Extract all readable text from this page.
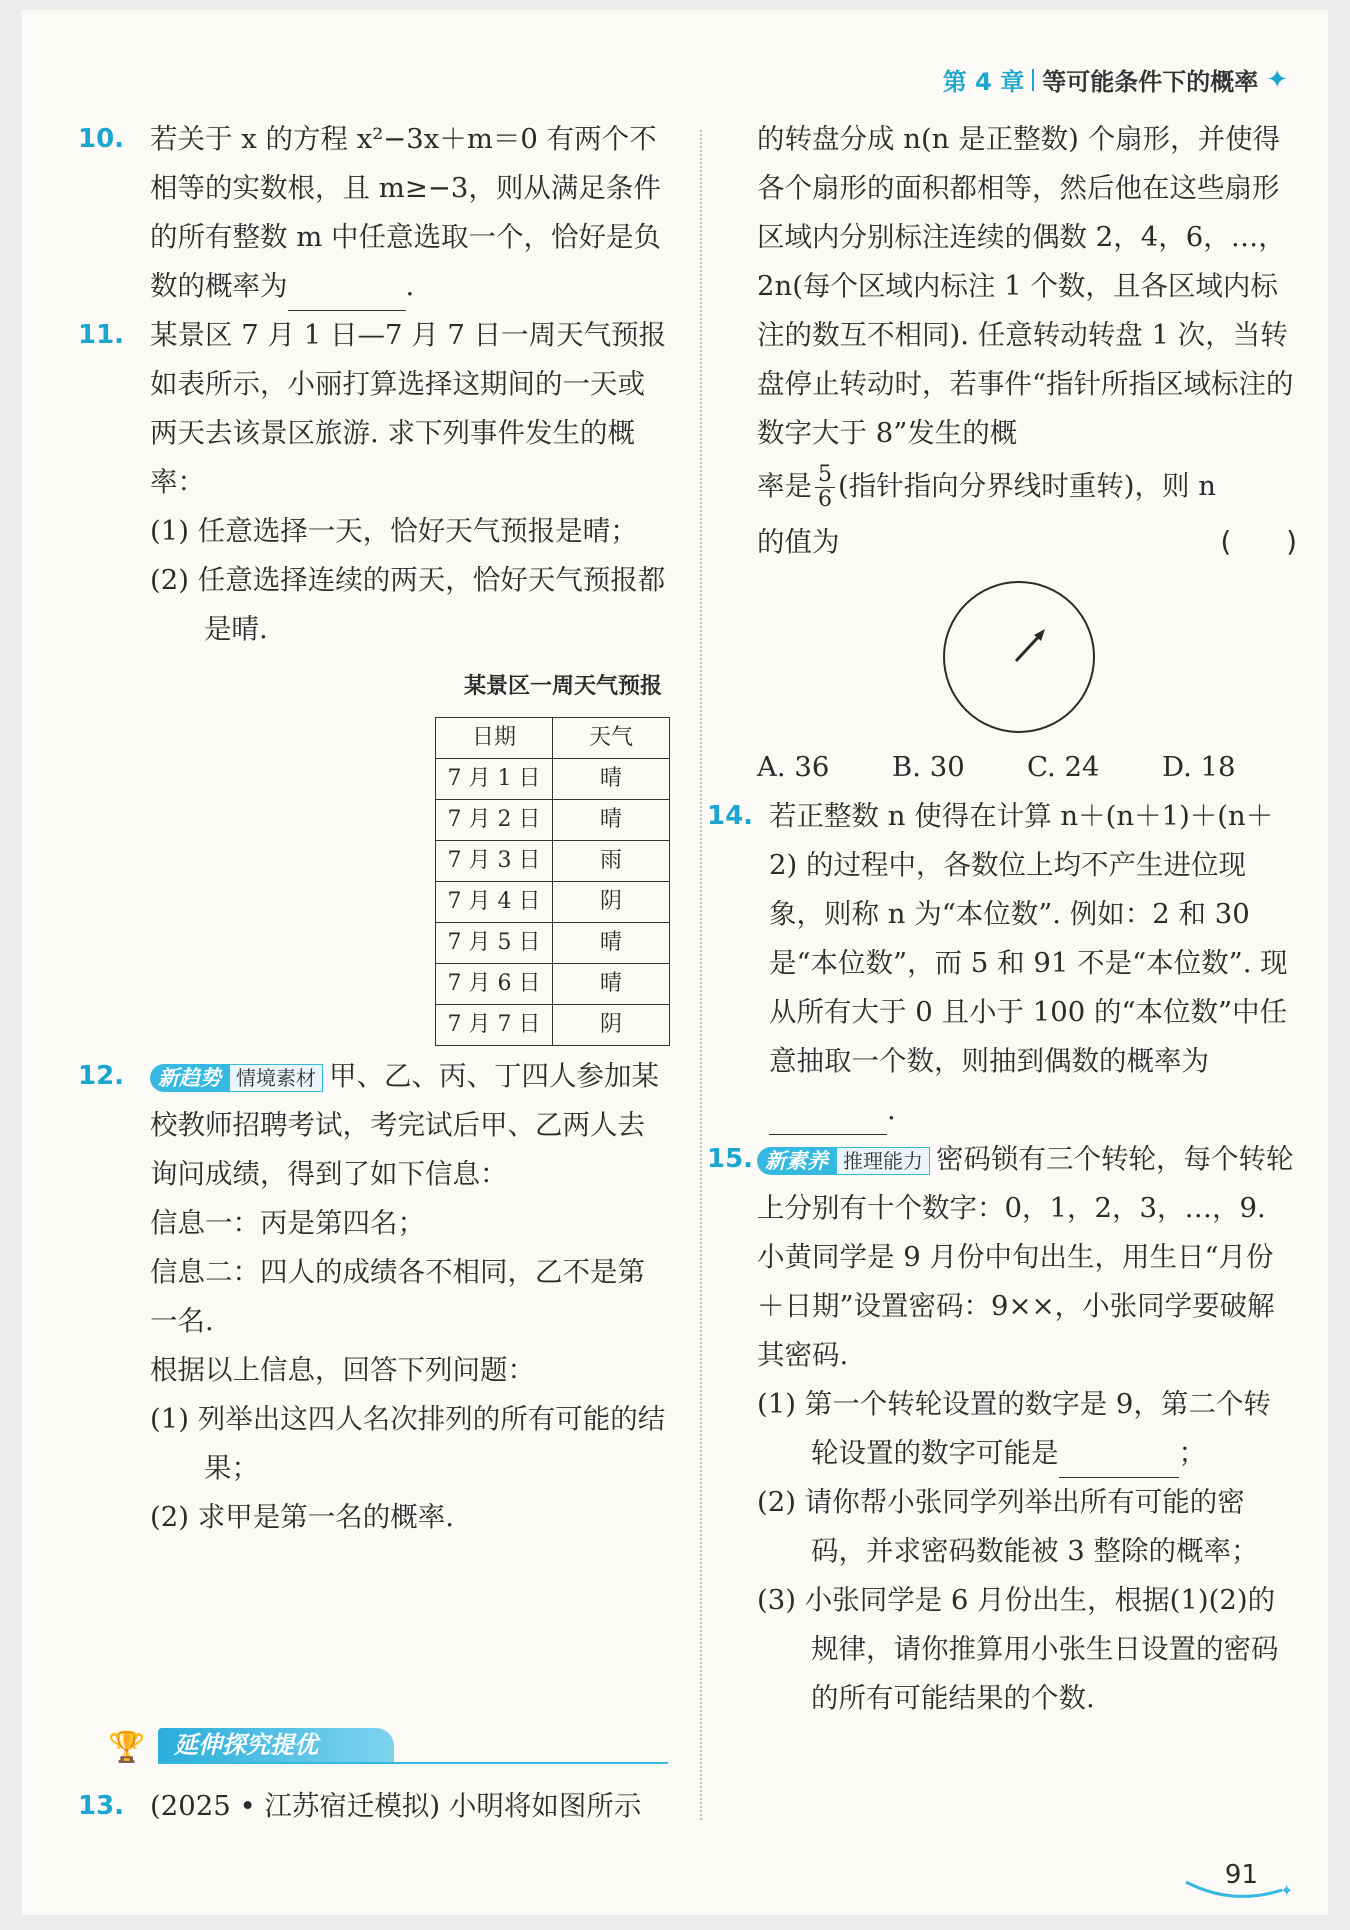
第 4 章 等可能条件下的概率 ✦
10. 若关于 x 的方程 x²−3x＋m＝0 有两个不相等的实数根，且 m≥−3，则从满足条件的所有整数 m 中任意选取一个，恰好是负数的概率为	.
11. 某景区 7 月 1 日—7 月 7 日一周天气预报如表所示，小丽打算选择这期间的一天或两天去该景区旅游. 求下列事件发生的概率：
(1) 任意选择一天，恰好天气预报是晴；
(2) 任意选择连续的两天，恰好天气预报都是晴.
某景区一周天气预报
日期	天气
7 月 1 日	晴
7 月 2 日	晴
7 月 3 日	雨
7 月 4 日	阴
7 月 5 日	晴
7 月 6 日	晴
7 月 7 日	阴
12. 新趋势 情境素材 甲、乙、丙、丁四人参加某校教师招聘考试，考完试后甲、乙两人去询问成绩，得到了如下信息：
信息一：丙是第四名；
信息二：四人的成绩各不相同，乙不是第一名.
根据以上信息，回答下列问题：
(1) 列举出这四人名次排列的所有可能的结果；
(2) 求甲是第一名的概率.
🏆	延伸探究提优
13. (2025 • 江苏宿迁模拟) 小明将如图所示
的转盘分成 n(n 是正整数) 个扇形，并使得各个扇形的面积都相等，然后他在这些扇形区域内分别标注连续的偶数 2，4，6，…，2n(每个区域内标注 1 个数，且各区域内标注的数互不相同). 任意转动转盘 1 次，当转盘停止转动时，若事件“指针所指区域标注的数字大于 8”发生的概
率是 $\frac{5}{6}$ (指针指向分界线时重转)，则 n
的值为	(　　)
A. 36	B. 30	C. 24	D. 18
14. 若正整数 n 使得在计算 n＋(n＋1)＋(n＋2) 的过程中，各数位上均不产生进位现象，则称 n 为“本位数”. 例如：2 和 30 是“本位数”，而 5 和 91 不是“本位数”. 现从所有大于 0 且小于 100 的“本位数”中任意抽取一个数，则抽到偶数的概率为.
15. 新素养 推理能力 密码锁有三个转轮，每个转轮上分别有十个数字：0，1，2，3，…，9. 小黄同学是 9 月份中旬出生，用生日“月份＋日期”设置密码：9××，小张同学要破解其密码.
(1) 第一个转轮设置的数字是 9，第二个转轮设置的数字可能是	；
(2) 请你帮小张同学列举出所有可能的密码，并求密码数能被 3 整除的概率；
(3) 小张同学是 6 月份出生，根据(1)(2)的规律，请你推算用小张生日设置的密码的所有可能结果的个数.
91
✦
